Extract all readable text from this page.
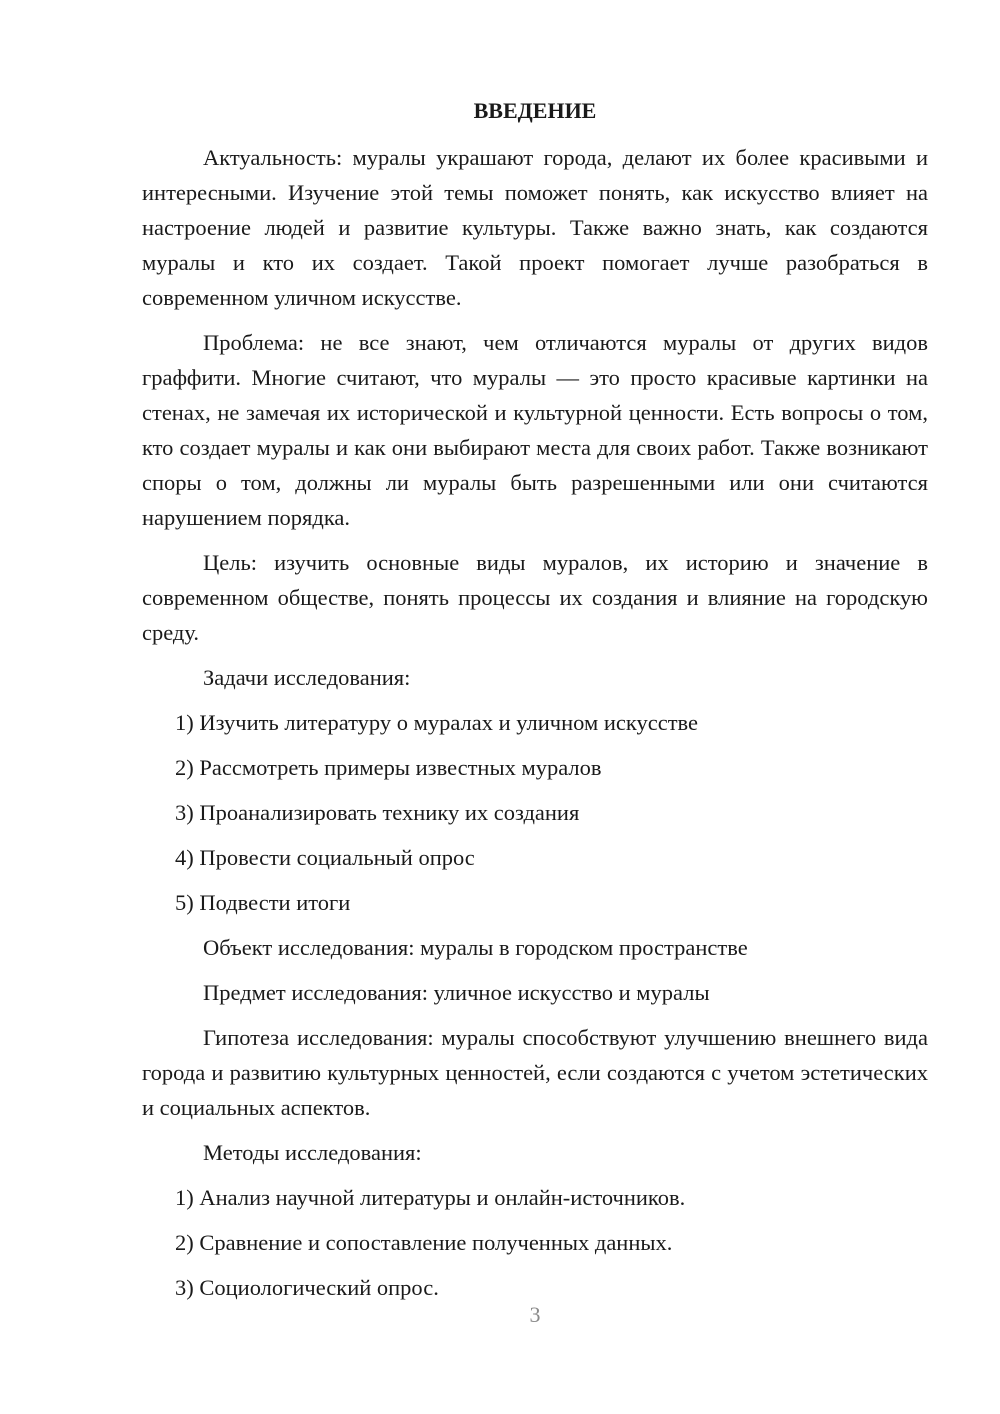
ВВЕДЕНИЕ

Актуальность: муралы украшают города, делают их более красивыми и интересными. Изучение этой темы поможет понять, как искусство влияет на настроение людей и развитие культуры. Также важно знать, как создаются муралы и кто их создает. Такой проект помогает лучше разобраться в современном уличном искусстве.

Проблема: не все знают, чем отличаются муралы от других видов граффити. Многие считают, что муралы — это просто красивые картинки на стенах, не замечая их исторической и культурной ценности. Есть вопросы о том, кто создает муралы и как они выбирают места для своих работ. Также возникают споры о том, должны ли муралы быть разрешенными или они считаются нарушением порядка.

Цель: изучить основные виды муралов, их историю и значение в современном обществе, понять процессы их создания и влияние на городскую среду.

Задачи исследования:

1) Изучить литературу о муралах и уличном искусстве
2) Рассмотреть примеры известных муралов
3) Проанализировать технику их создания
4) Провести социальный опрос
5) Подвести итоги

Объект исследования: муралы в городском пространстве

Предмет исследования: уличное искусство и муралы

Гипотеза исследования: муралы способствуют улучшению внешнего вида города и развитию культурных ценностей, если создаются с учетом эстетических и социальных аспектов.

Методы исследования:

1) Анализ научной литературы и онлайн-источников.
2) Сравнение и сопоставление полученных данных.
3) Социологический опрос.
3
